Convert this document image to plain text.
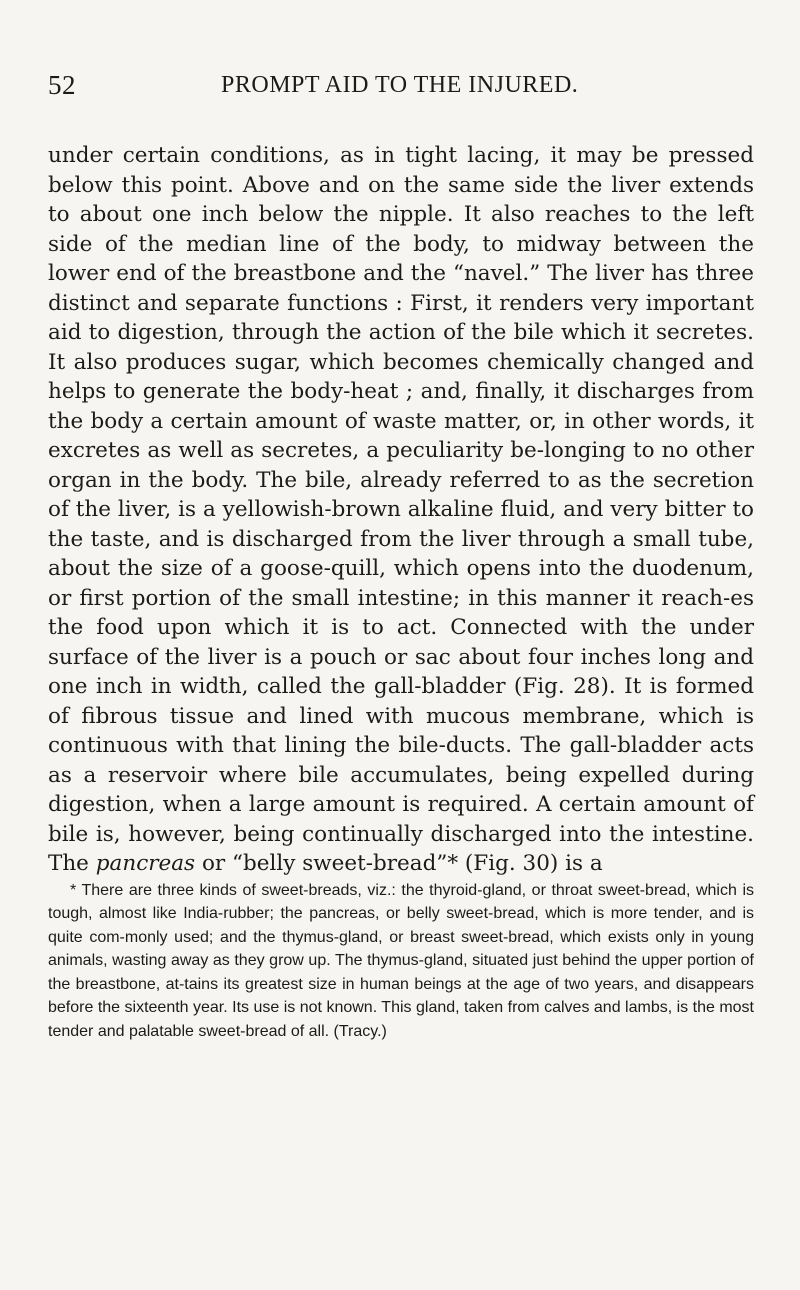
52	PROMPT AID TO THE INJURED.

under certain conditions, as in tight lacing, it may be pressed below this point. Above and on the same side the liver extends to about one inch below the nipple. It also reaches to the left side of the median line of the body, to midway between the lower end of the breastbone and the “navel.” The liver has three distinct and separate functions : First, it renders very important aid to digestion, through the action of the bile which it secretes. It also produces sugar, which becomes chemically changed and helps to generate the body-heat ; and, finally, it discharges from the body a certain amount of waste matter, or, in other words, it excretes as well as secretes, a peculiarity be-longing to no other organ in the body. The bile, already referred to as the secretion of the liver, is a yellowish-brown alkaline fluid, and very bitter to the taste, and is discharged from the liver through a small tube, about the size of a goose-quill, which opens into the duodenum, or first portion of the small intestine; in this manner it reach-es the food upon which it is to act. Connected with the under surface of the liver is a pouch or sac about four inches long and one inch in width, called the gall-bladder (Fig. 28). It is formed of fibrous tissue and lined with mucous membrane, which is continuous with that lining the bile-ducts. The gall-bladder acts as a reservoir where bile accumulates, being expelled during digestion, when a large amount is required. A certain amount of bile is, however, being continually discharged into the intestine. The pancreas or “belly sweet-bread”* (Fig. 30) is a

* There are three kinds of sweet-breads, viz.: the thyroid-gland, or throat sweet-bread, which is tough, almost like India-rubber; the pancreas, or belly sweet-bread, which is more tender, and is quite com-monly used; and the thymus-gland, or breast sweet-bread, which exists only in young animals, wasting away as they grow up. The thymus-gland, situated just behind the upper portion of the breastbone, at-tains its greatest size in human beings at the age of two years, and disappears before the sixteenth year. Its use is not known. This gland, taken from calves and lambs, is the most tender and palatable sweet-bread of all. (Tracy.)
